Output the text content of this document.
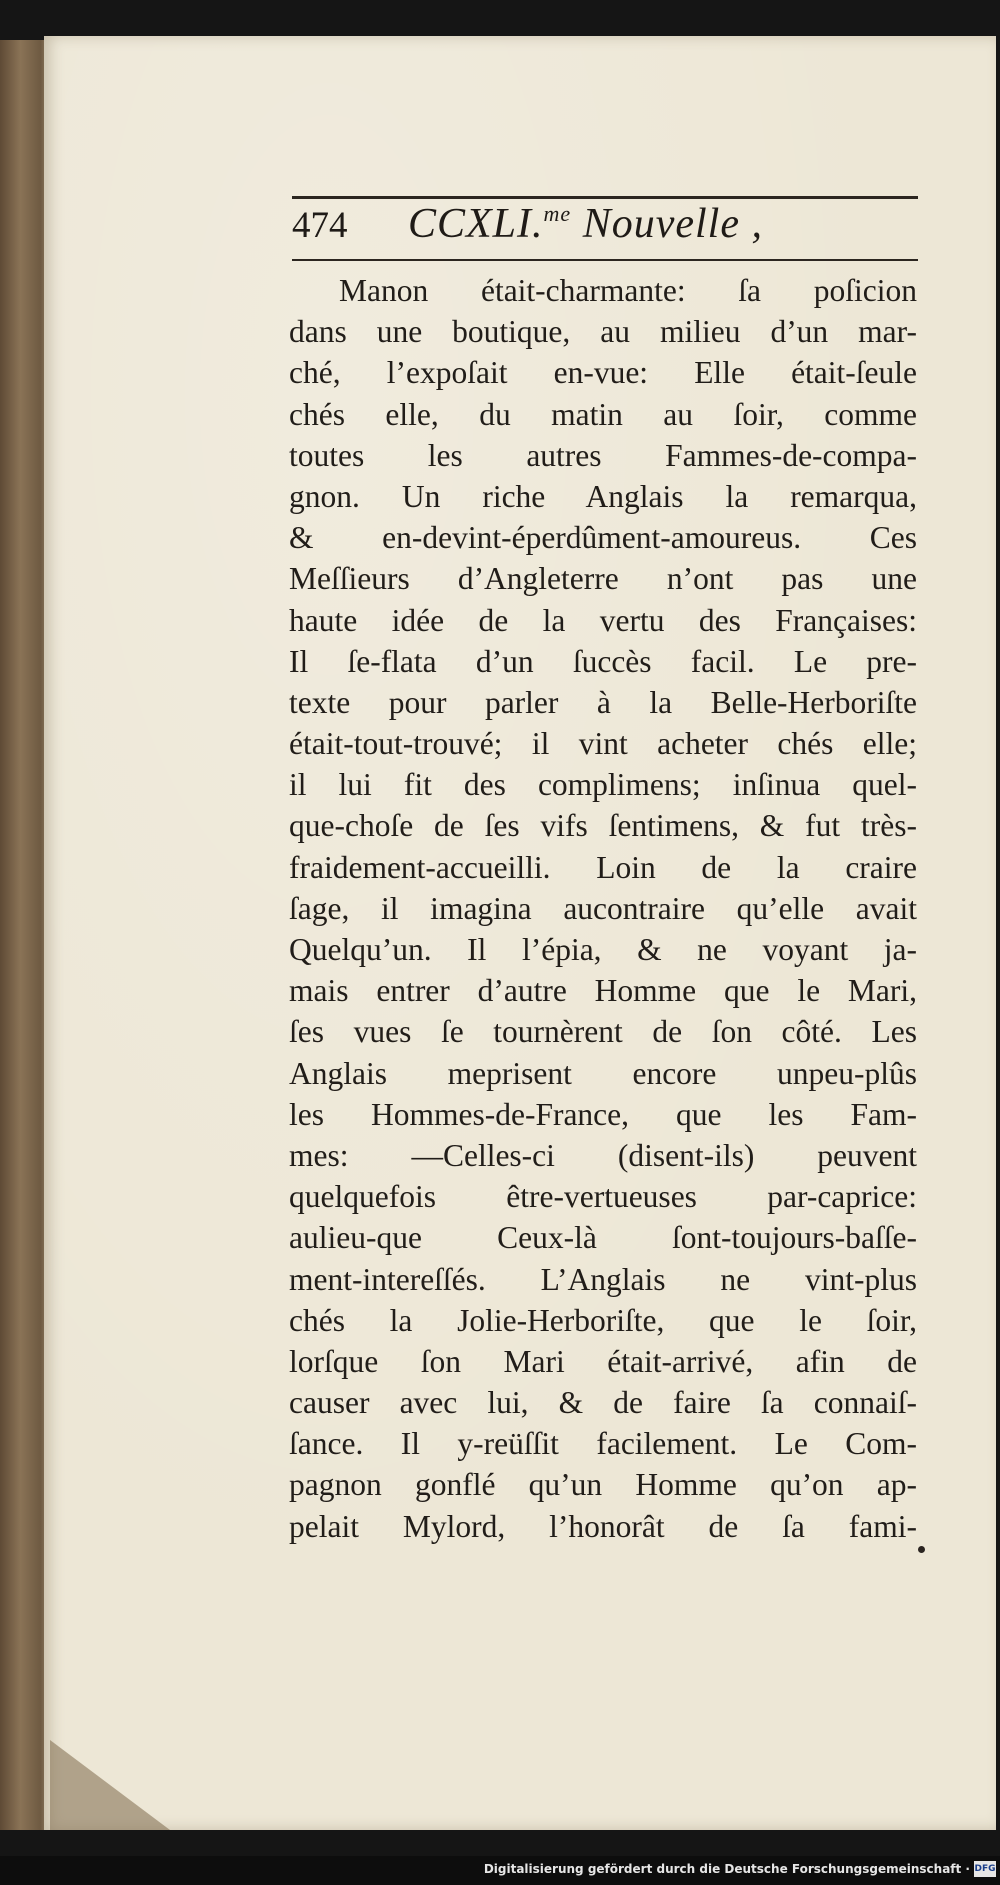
474 CCXLI.$^{me}$ Nouvelle ,
Manon était-charmante: ſa poſicion
dans une boutique, au milieu d’un mar-
ché, l’expoſait en-vue: Elle était-ſeule
chés elle, du matin au ſoir, comme
toutes les autres Fammes-de-compa-
gnon. Un riche Anglais la remarqua,
& en-devint-éperdûment-amoureus. Ces
Meſſieurs d’Angleterre n’ont pas une
haute idée de la vertu des Françaises:
Il ſe-flata d’un ſuccès facil. Le pre-
texte pour parler à la Belle-Herboriſte
était-tout-trouvé; il vint acheter chés elle;
il lui fit des complimens; inſinua quel-
que-choſe de ſes vifs ſentimens, & fut très-
fraidement-accueilli. Loin de la craire
ſage, il imagina aucontraire qu’elle avait
Quelqu’un. Il l’épia, & ne voyant ja-
mais entrer d’autre Homme que le Mari,
ſes vues ſe tournèrent de ſon côté. Les
Anglais meprisent encore unpeu-plûs
les Hommes-de-France, que les Fam-
mes: —Celles-ci (disent-ils) peuvent
quelquefois être-vertueuses par-caprice:
aulieu-que Ceux-là ſont-toujours-baſſe-
ment-intereſſés. L’Anglais ne vint-plus
chés la Jolie-Herboriſte, que le ſoir,
lorſque ſon Mari était-arrivé, afin de
causer avec lui, & de faire ſa connaiſ-
ſance. Il y-reüſſit facilement. Le Com-
pagnon gonflé qu’un Homme qu’on ap-
pelait Mylord, l’honorât de ſa fami-
Digitalisierung gefördert durch die Deutsche Forschungsgemeinschaft · DFG
